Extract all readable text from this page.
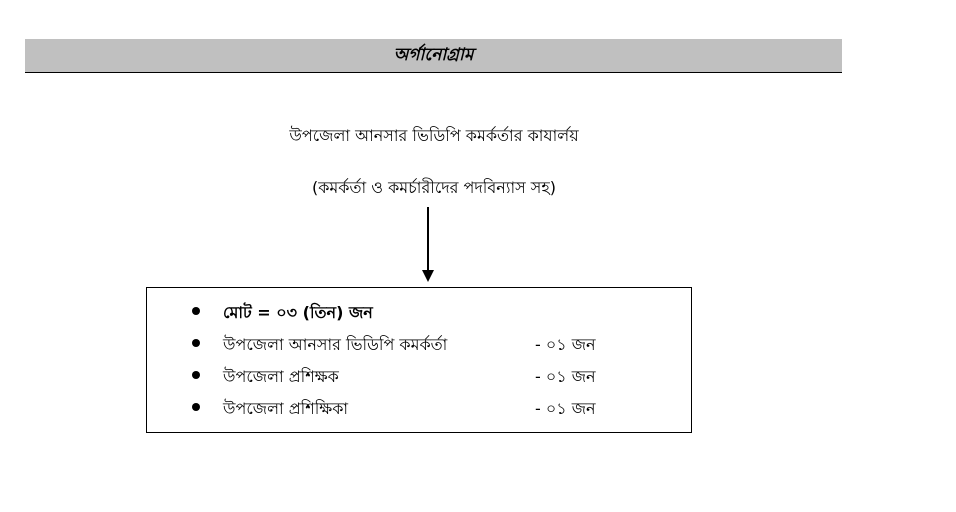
অর্গানোগ্রাম
উপজেলা আনসার ভিডিপি কমর্কর্তার কাযার্লয়
(কমর্কর্তা ও কমর্চারীদের পদবিন্যাস সহ)
মোট = ০৩ (তিন) জন
উপজেলা আনসার ভিডিপি কমর্কর্তা	- ০১ জন
উপজেলা প্রশিক্ষক	- ০১ জন
উপজেলা প্রশিক্ষিকা	- ০১ জন
